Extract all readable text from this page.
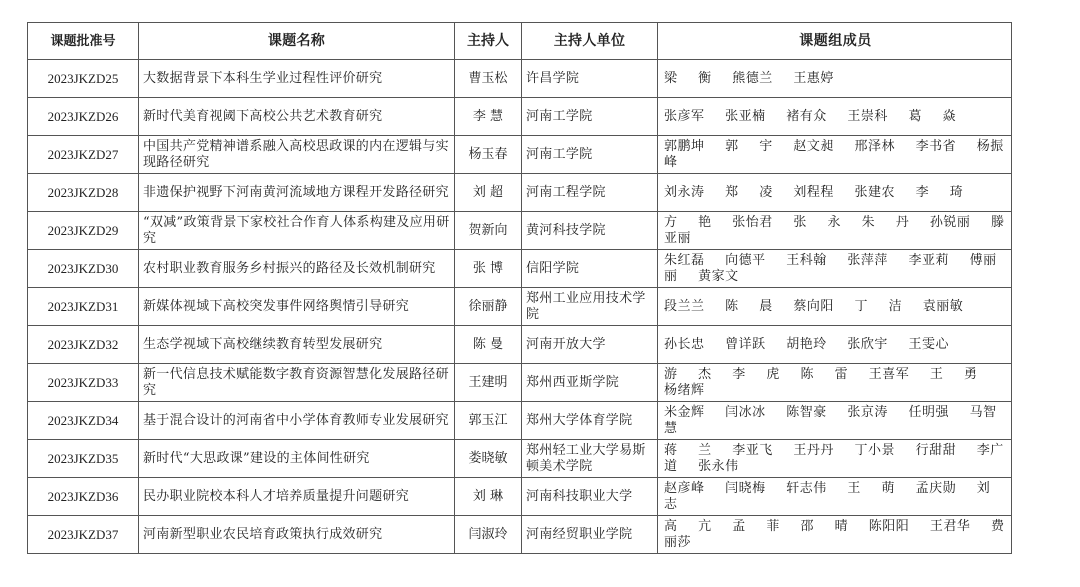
课题批准号	课题名称	主持人	主持人单位	课题组成员
2023JKZD25	大数据背景下本科生学业过程性评价研究	曹玉松	许昌学院	梁 衡 熊德兰 王惠婷
2023JKZD26	新时代美育视阈下高校公共艺术教育研究	李 慧	河南工学院	张彦军 张亚楠 褚有众 王崇科 葛 焱
2023JKZD27	中国共产党精神谱系融入高校思政课的内在逻辑与实现路径研究	杨玉春	河南工学院	郭鹏坤 郭 宇 赵文昶 邢泽林 李书省 杨振峰
2023JKZD28	非遗保护视野下河南黄河流域地方课程开发路径研究	刘 超	河南工程学院	刘永涛 郑 凌 刘程程 张建农 李 琦
2023JKZD29	“双减”政策背景下家校社合作育人体系构建及应用研究	贺新向	黄河科技学院	方 艳 张怡君 张 永 朱 丹 孙锐丽 滕亚丽
2023JKZD30	农村职业教育服务乡村振兴的路径及长效机制研究	张 博	信阳学院	朱红磊 向德平 王科翰 张萍萍 李亚莉 傅丽丽 黄家文
2023JKZD31	新媒体视域下高校突发事件网络舆情引导研究	徐丽静	郑州工业应用技术学院	段兰兰 陈 晨 蔡向阳 丁 洁 袁丽敏
2023JKZD32	生态学视域下高校继续教育转型发展研究	陈 曼	河南开放大学	孙长忠 曾详跃 胡艳玲 张欣宇 王雯心
2023JKZD33	新一代信息技术赋能数字教育资源智慧化发展路径研究	王建明	郑州西亚斯学院	游 杰 李 虎 陈 雷 王喜军 王 勇 杨绪辉
2023JKZD34	基于混合设计的河南省中小学体育教师专业发展研究	郭玉江	郑州大学体育学院	米金辉 闫冰冰 陈智豪 张京涛 任明强 马智慧
2023JKZD35	新时代“大思政课”建设的主体间性研究	娄晓敏	郑州轻工业大学易斯顿美术学院	蒋 兰 李亚飞 王丹丹 丁小景 行甜甜 李广道 张永伟
2023JKZD36	民办职业院校本科人才培养质量提升问题研究	刘 琳	河南科技职业大学	赵彦峰 闫晓梅 轩志伟 王 萌 孟庆勋 刘 志
2023JKZD37	河南新型职业农民培育政策执行成效研究	闫淑玲	河南经贸职业学院	高 亢 孟 菲 邵 晴 陈阳阳 王君华 费丽莎
